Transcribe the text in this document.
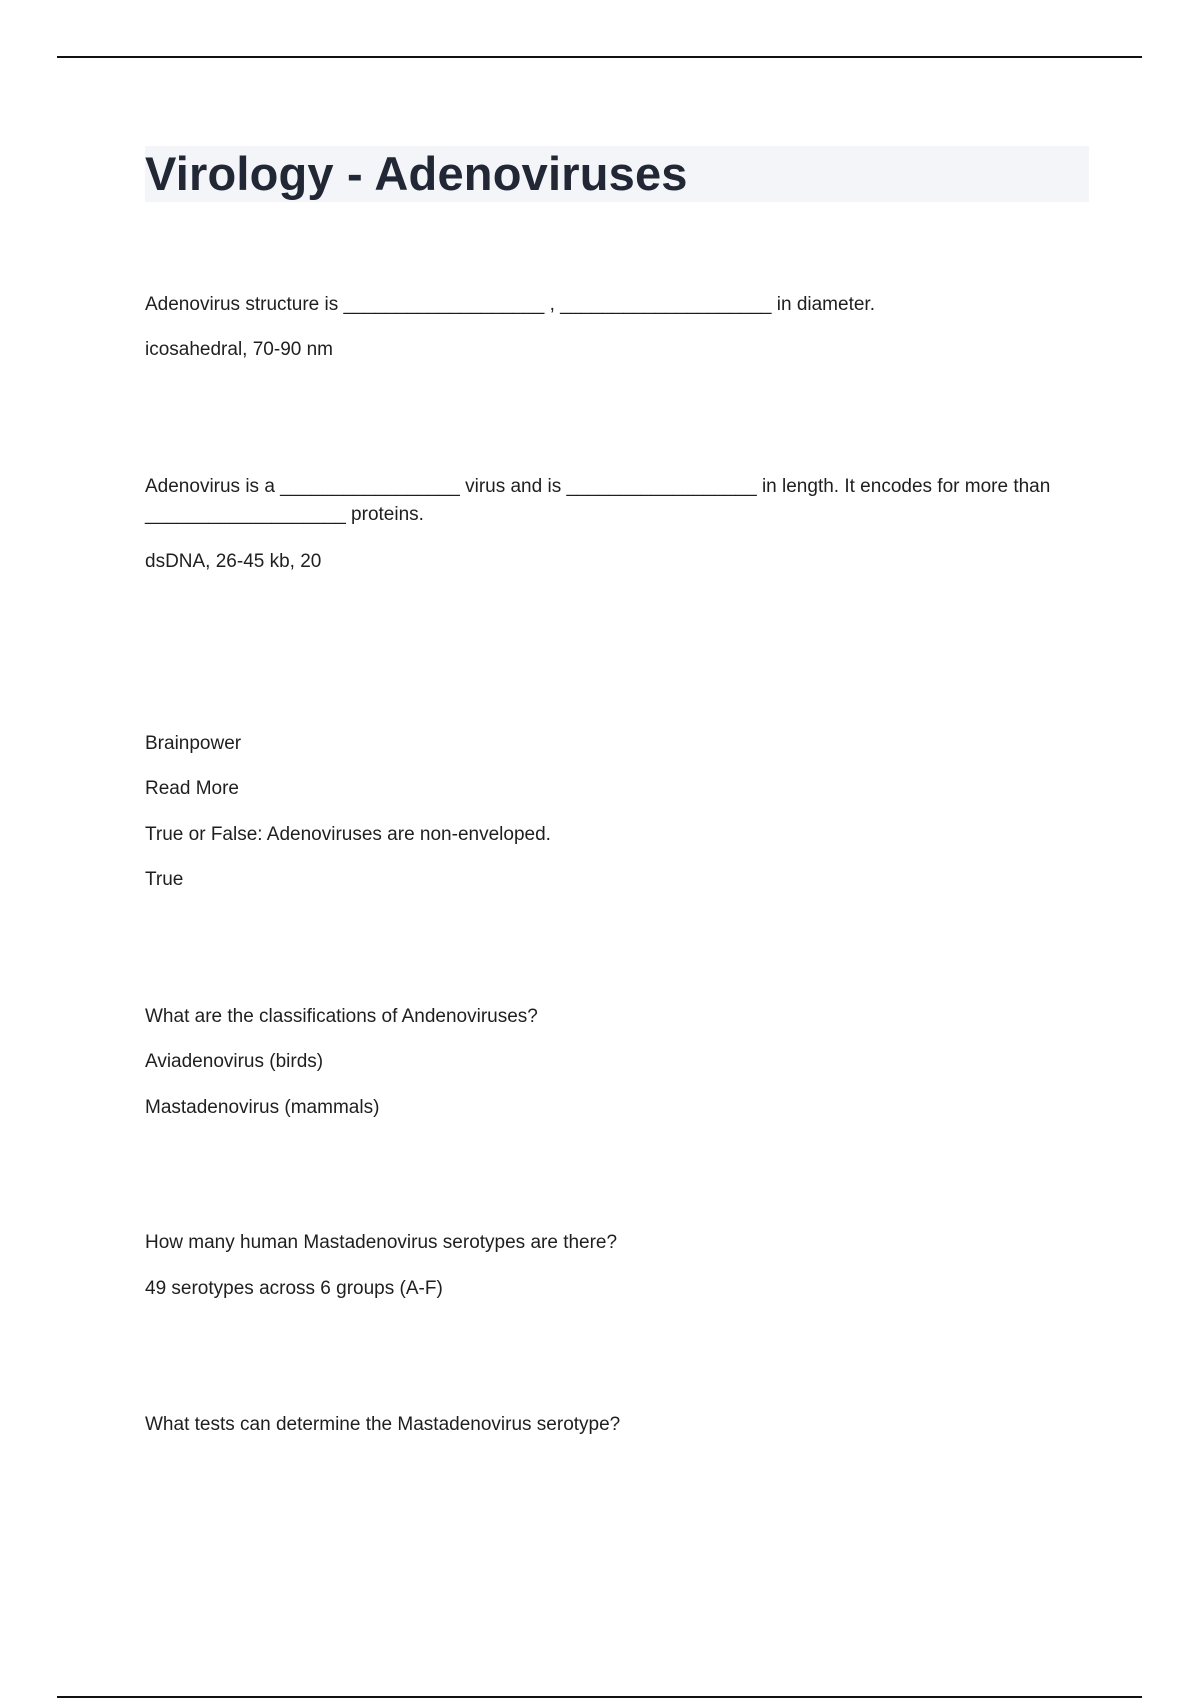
Virology - Adenoviruses

Adenovirus structure is ___________________ , ____________________ in diameter.

icosahedral, 70-90 nm

Adenovirus is a _________________ virus and is __________________ in length. It encodes for more than ___________________ proteins.

dsDNA, 26-45 kb, 20

Brainpower

Read More

True or False: Adenoviruses are non-enveloped.

True

What are the classifications of Andenoviruses?

Aviadenovirus (birds)

Mastadenovirus (mammals)

How many human Mastadenovirus serotypes are there?

49 serotypes across 6 groups (A-F)

What tests can determine the Mastadenovirus serotype?
